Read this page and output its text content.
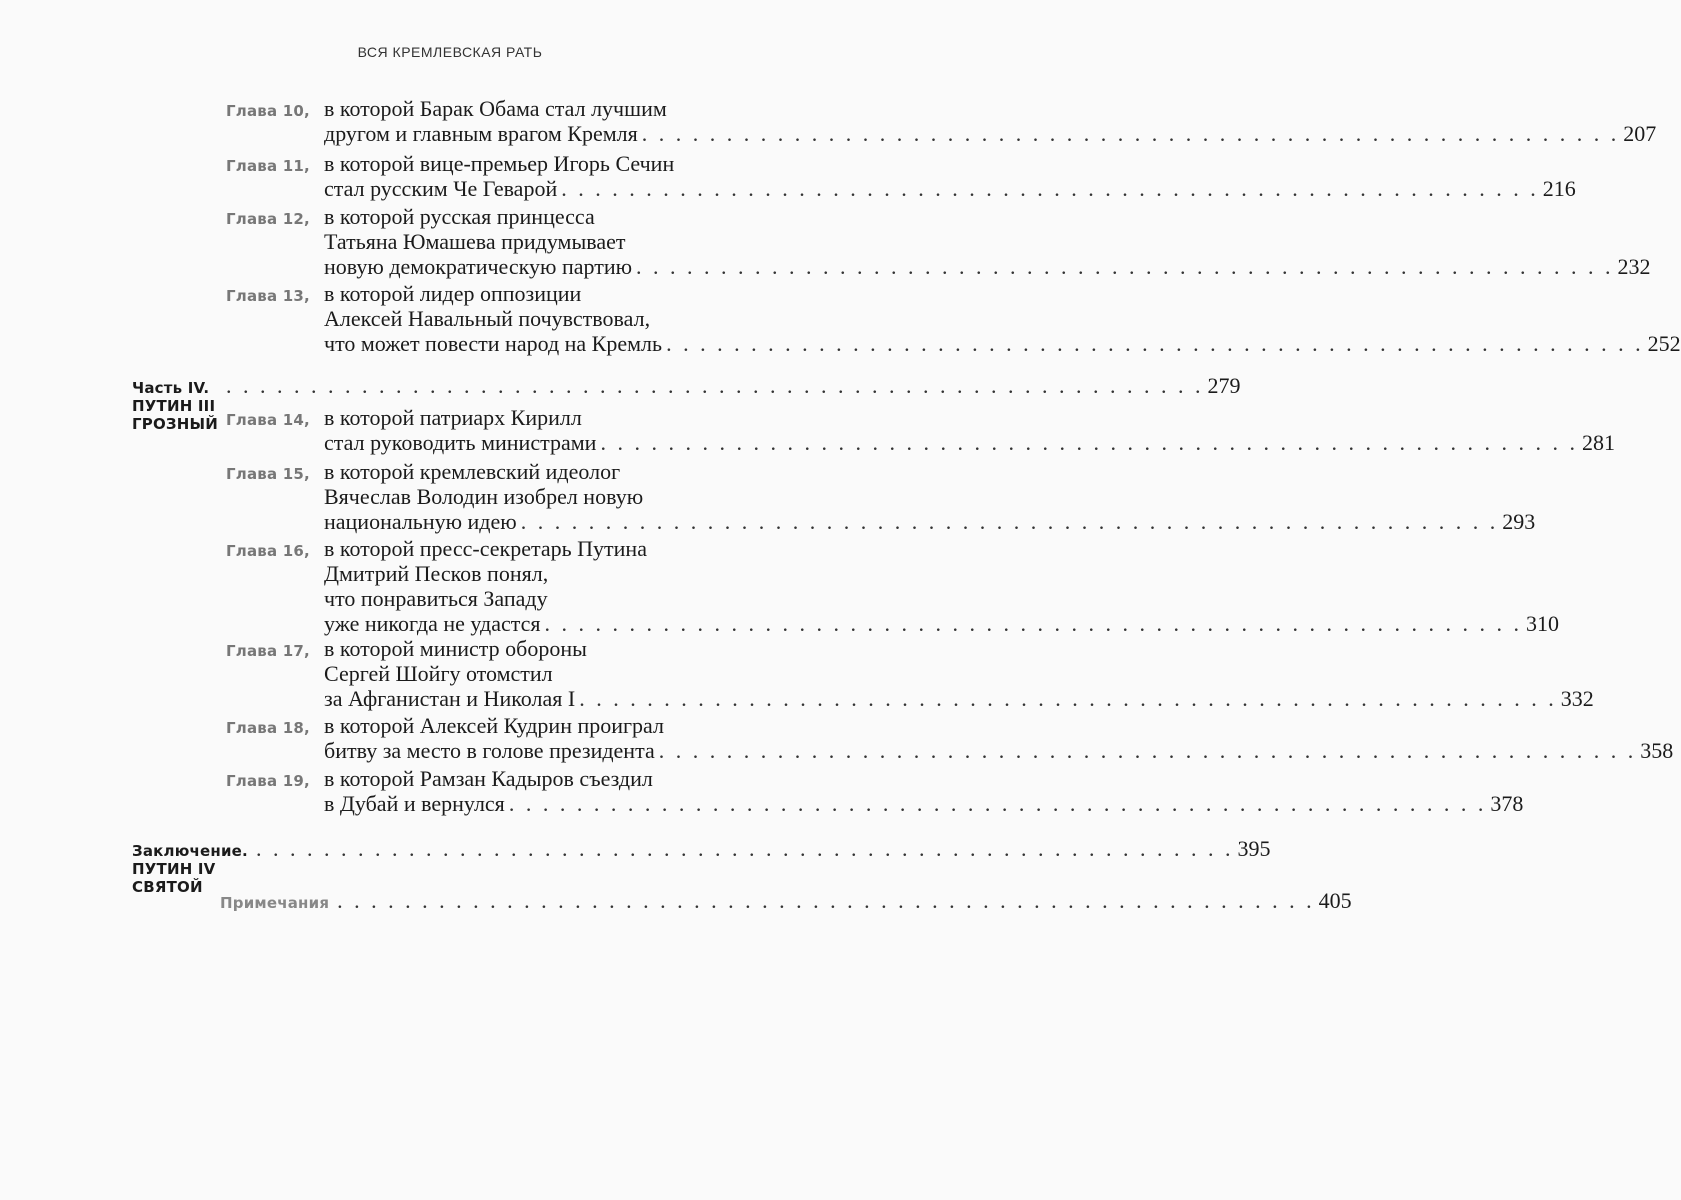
ВСЯ КРЕМЛЕВСКАЯ РАТЬ
Глава 10, в которой Барак Обама стал лучшим
другом и главным врагом Кремля . . . . . . . . . . . . . . . . . . . . . . . . . . . . . . . . . . . . . . . . . . . . . . . . . . . . . . . . . . 207
Глава 11, в которой вице-премьер Игорь Сечин
стал русским Че Геварой . . . . . . . . . . . . . . . . . . . . . . . . . . . . . . . . . . . . . . . . . . . . . . . . . . . . . . . . . . 216
Глава 12, в которой русская принцесса
Татьяна Юмашева придумывает
новую демократическую партию . . . . . . . . . . . . . . . . . . . . . . . . . . . . . . . . . . . . . . . . . . . . . . . . . . . . . . . . . . 232
Глава 13, в которой лидер оппозиции
Алексей Навальный почувствовал,
что может повести народ на Кремль . . . . . . . . . . . . . . . . . . . . . . . . . . . . . . . . . . . . . . . . . . . . . . . . . . . . . . . . . . 252
Часть IV. ПУТИН III ГРОЗНЫЙ
. . . . . . . . . . . . . . . . . . . . . . . . . . . . . . . . . . . . . . . . . . . . . . . . . . . . . . . . . . 279
Глава 14, в которой патриарх Кирилл
стал руководить министрами . . . . . . . . . . . . . . . . . . . . . . . . . . . . . . . . . . . . . . . . . . . . . . . . . . . . . . . . . . 281
Глава 15, в которой кремлевский идеолог
Вячеслав Володин изобрел новую
национальную идею . . . . . . . . . . . . . . . . . . . . . . . . . . . . . . . . . . . . . . . . . . . . . . . . . . . . . . . . . . 293
Глава 16, в которой пресс-секретарь Путина
Дмитрий Песков понял,
что понравиться Западу
уже никогда не удастся . . . . . . . . . . . . . . . . . . . . . . . . . . . . . . . . . . . . . . . . . . . . . . . . . . . . . . . . . . 310
Глава 17, в которой министр обороны
Сергей Шойгу отомстил
за Афганистан и Николая I . . . . . . . . . . . . . . . . . . . . . . . . . . . . . . . . . . . . . . . . . . . . . . . . . . . . . . . . . . 332
Глава 18, в которой Алексей Кудрин проиграл
битву за место в голове президента . . . . . . . . . . . . . . . . . . . . . . . . . . . . . . . . . . . . . . . . . . . . . . . . . . . . . . . . . . 358
Глава 19, в которой Рамзан Кадыров съездил
в Дубай и вернулся . . . . . . . . . . . . . . . . . . . . . . . . . . . . . . . . . . . . . . . . . . . . . . . . . . . . . . . . . . 378
Заключение. ПУТИН IV СВЯТОЙ
. . . . . . . . . . . . . . . . . . . . . . . . . . . . . . . . . . . . . . . . . . . . . . . . . . . . . . . . . . 395
Примечания . . . . . . . . . . . . . . . . . . . . . . . . . . . . . . . . . . . . . . . . . . . . . . . . . . . . . . . . . . 405
